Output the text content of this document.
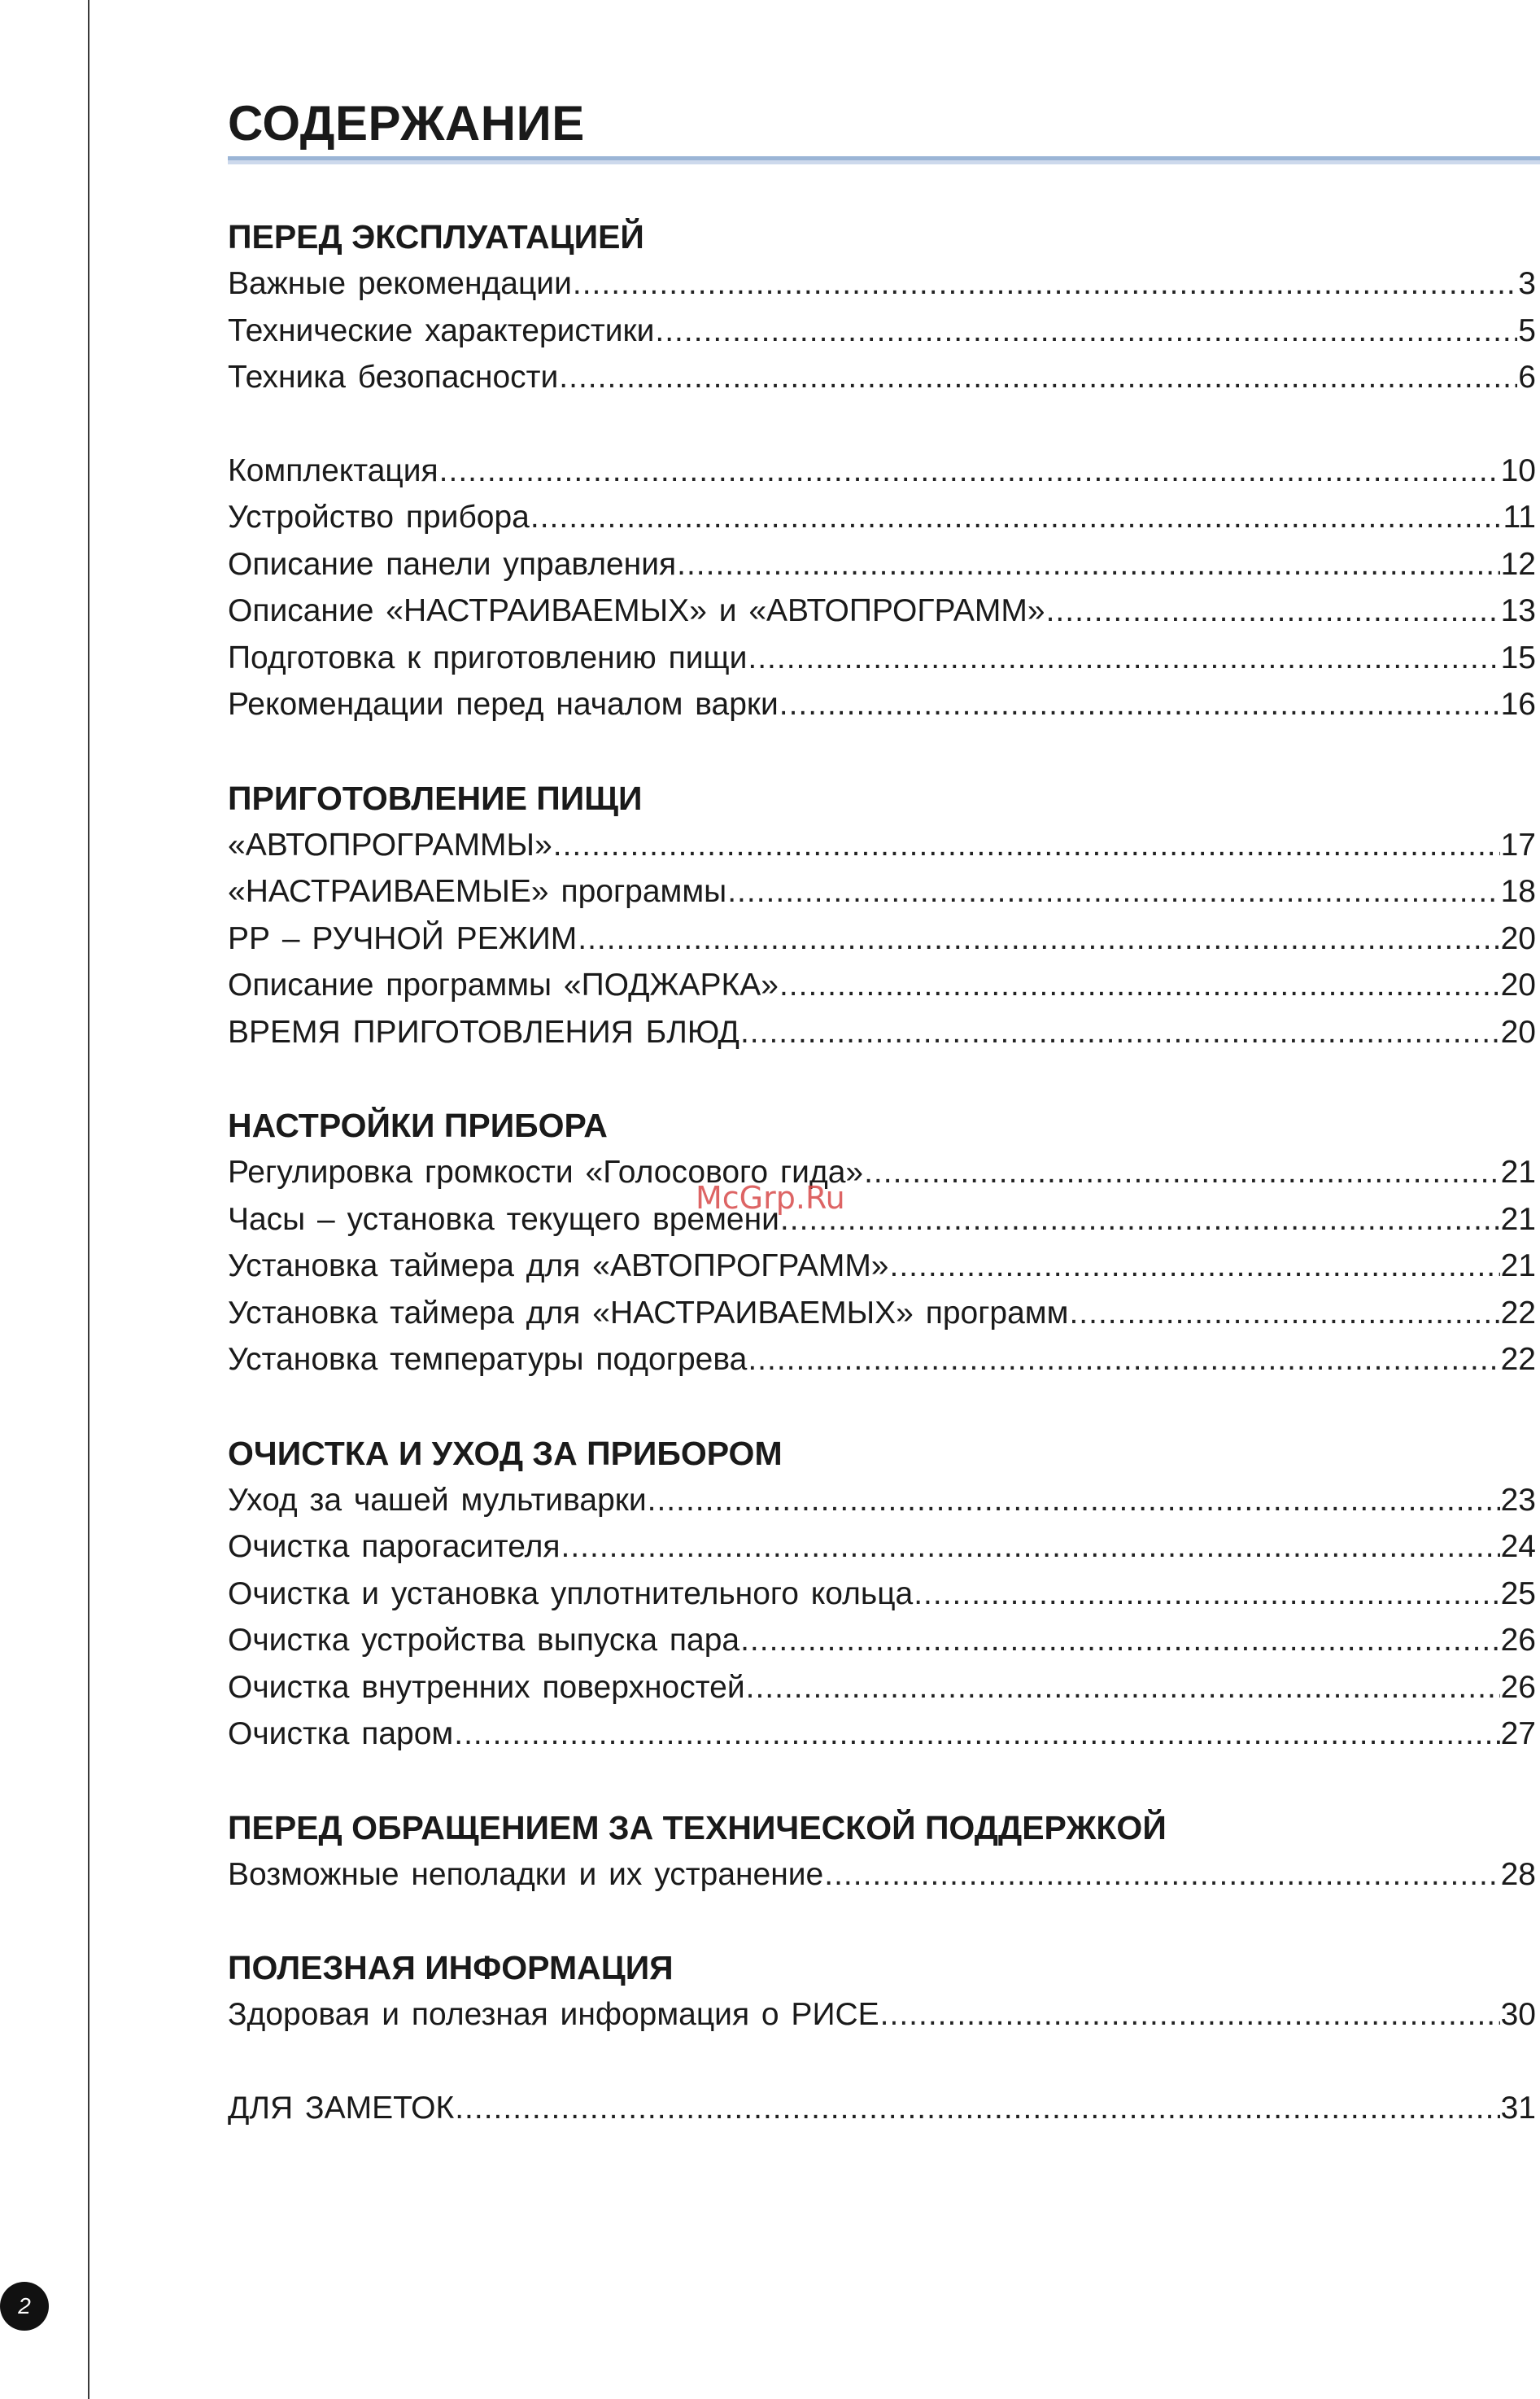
СОДЕРЖАНИЕ
ПЕРЕД ЭКСПЛУАТАЦИЕЙ
Важные рекомендации .....	3
Технические характеристики .....	5
Техника безопасности .....	6
Комплектация .....	10
Устройство прибора .....	11
Описание панели управления .....	12
Описание «НАСТРАИВАЕМЫХ» и «АВТОПРОГРАММ» .....	13
Подготовка к приготовлению пищи .....	15
Рекомендации перед началом варки .....	16
ПРИГОТОВЛЕНИЕ ПИЩИ
«АВТОПРОГРАММЫ» .....	17
«НАСТРАИВАЕМЫЕ» программы .....	18
РР – РУЧНОЙ РЕЖИМ .....	20
Описание программы «ПОДЖАРКА» .....	20
ВРЕМЯ ПРИГОТОВЛЕНИЯ БЛЮД .....	20
НАСТРОЙКИ ПРИБОРА
Регулировка громкости «Голосового гида» .....	21
Часы – установка текущего времени .....	21
Установка таймера для «АВТОПРОГРАММ» .....	21
Установка таймера для «НАСТРАИВАЕМЫХ» программ .....	22
Установка температуры подогрева .....	22
ОЧИСТКА И УХОД ЗА ПРИБОРОМ
Уход за чашей мультиварки .....	23
Очистка парогасителя .....	24
Очистка и установка уплотнительного кольца .....	25
Очистка устройства выпуска пара .....	26
Очистка внутренних поверхностей .....	26
Очистка паром .....	27
ПЕРЕД ОБРАЩЕНИЕМ ЗА ТЕХНИЧЕСКОЙ ПОДДЕРЖКОЙ
Возможные неполадки и их устранение .....	28
ПОЛЕЗНАЯ ИНФОРМАЦИЯ
Здоровая и полезная информация о РИСЕ .....	30
ДЛЯ ЗАМЕТОК .....	31
McGrp.Ru
2
